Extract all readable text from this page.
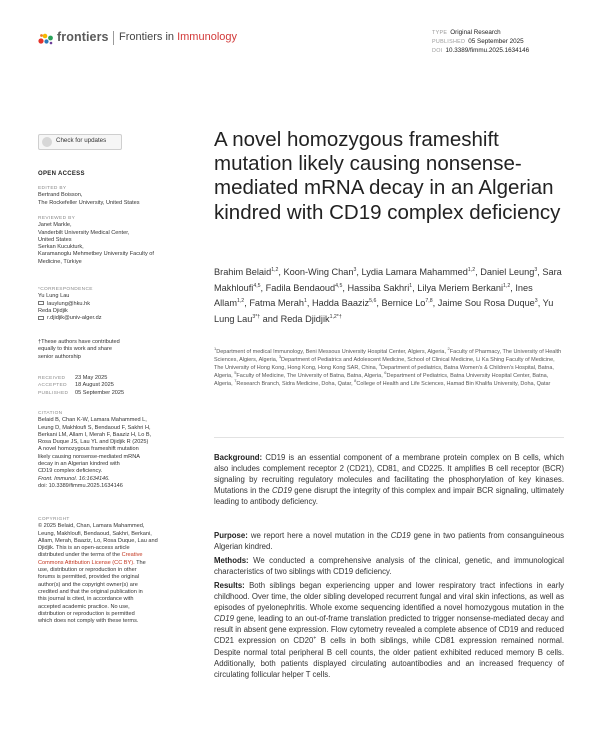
frontiers Frontiers in Immunology	TYPE Original Research
PUBLISHED 05 September 2025
DOI 10.3389/fimmu.2025.1634146
Check for updates
OPEN ACCESS
EDITED BY
Bertrand Boisson,
The Rockefeller University, United States
REVIEWED BY
Janet Markle,
Vanderbilt University Medical Center,
United States
Serkan Kucukturk,
Karamanoglu Mehmetbey University Faculty of
Medicine, Türkiye
*CORRESPONDENCE
Yu Lung Lau
lauylung@hku.hk
Reda Djidjik
r.djidjik@univ-alger.dz
†These authors have contributed
equally to this work and share
senior authorship
RECEIVED 23 May 2025
ACCEPTED 18 August 2025
PUBLISHED 05 September 2025
CITATION
Belaid B, Chan K-W, Lamara Mahammed L,
Leung D, Makhloufi S, Bendaoud F, Sakhri H,
Berkani LM, Allam I, Merah F, Baaziz H, Lo B,
Rosa Duque JS, Lau YL and Djidjik R (2025)
A novel homozygous frameshift mutation
likely causing nonsense-mediated mRNA
decay in an Algerian kindred with
CD19 complex deficiency.
Front. Immunol. 16:1634146.
doi: 10.3389/fimmu.2025.1634146
COPYRIGHT
© 2025 Belaid, Chan, Lamara Mahammed,
Leung, Makhloufi, Bendaoud, Sakhri, Berkani,
Allam, Merah, Baaziz, Lo, Rosa Duque, Lau and
Djidjik. This is an open-access article
distributed under the terms of the Creative
Commons Attribution License (CC BY). The
use, distribution or reproduction in other
forums is permitted, provided the original
author(s) and the copyright owner(s) are
credited and that the original publication in
this journal is cited, in accordance with
accepted academic practice. No use,
distribution or reproduction is permitted
which does not comply with these terms.
A novel homozygous frameshift mutation likely causing nonsense-mediated mRNA decay in an Algerian kindred with CD19 complex deficiency
Brahim Belaid$^{1,2}$, Koon-Wing Chan$^3$, Lydia Lamara Mahammed$^{1,2}$, Daniel Leung$^3$, Sara Makhloufi$^{4,5}$, Fadila Bendaoud$^{4,5}$, Hassiba Sakhri$^1$, Lilya Meriem Berkani$^{1,2}$, Ines Allam$^{1,2}$, Fatma Merah$^1$, Hadda Baaziz$^{5,6}$, Bernice Lo$^{7,8}$, Jaime Sou Rosa Duque$^3$, Yu Lung Lau$^{3*\dagger}$ and Reda Djidjik$^{1,2*\dagger}$
$^1$Department of medical Immunology, Beni Messous University Hospital Center, Algiers, Algeria, $^2$Faculty of Pharmacy, The University of Health Sciences, Algiers, Algeria, $^3$Department of Pediatrics and Adolescent Medicine, School of Clinical Medicine, Li Ka Shing Faculty of Medicine, The University of Hong Kong, Hong Kong, Hong Kong SAR, China, $^4$Department of pediatrics, Batna Women's & Children's Hospital, Batna, Algeria, $^5$Faculty of Medicine, The University of Batna, Batna, Algeria, $^6$Department of Pediatrics, Batna University Hospital Center, Batna, Algeria, $^7$Research Branch, Sidra Medicine, Doha, Qatar, $^8$College of Health and Life Sciences, Hamad Bin Khalifa University, Doha, Qatar
Background: CD19 is an essential component of a membrane protein complex on B cells, which also includes complement receptor 2 (CD21), CD81, and CD225. It amplifies B cell receptor (BCR) signaling by recruiting regulatory molecules and facilitating the phosphorylation of key kinases. Mutations in the CD19 gene disrupt the integrity of this complex and impair BCR signaling, ultimately leading to antibody deficiency.
Purpose: we report here a novel mutation in the CD19 gene in two patients from consanguineous Algerian kindred.
Methods: We conducted a comprehensive analysis of the clinical, genetic, and immunological characteristics of two siblings with CD19 deficiency.
Results: Both siblings began experiencing upper and lower respiratory tract infections in early childhood. Over time, the older sibling developed recurrent fungal and viral skin infections, as well as episodes of pyelonephritis. Whole exome sequencing identified a novel homozygous mutation in the CD19 gene, leading to an out-of-frame translation predicted to trigger nonsense-mediated decay and result in absent gene expression. Flow cytometry revealed a complete absence of CD19 and reduced CD21 expression on CD20+ B cells in both siblings, while CD81 expression remained normal. Despite normal total peripheral B cell counts, the older patient exhibited reduced memory B cells. Additionally, both patients displayed circulating autoantibodies and an increased frequency of circulating follicular helper T cells.
